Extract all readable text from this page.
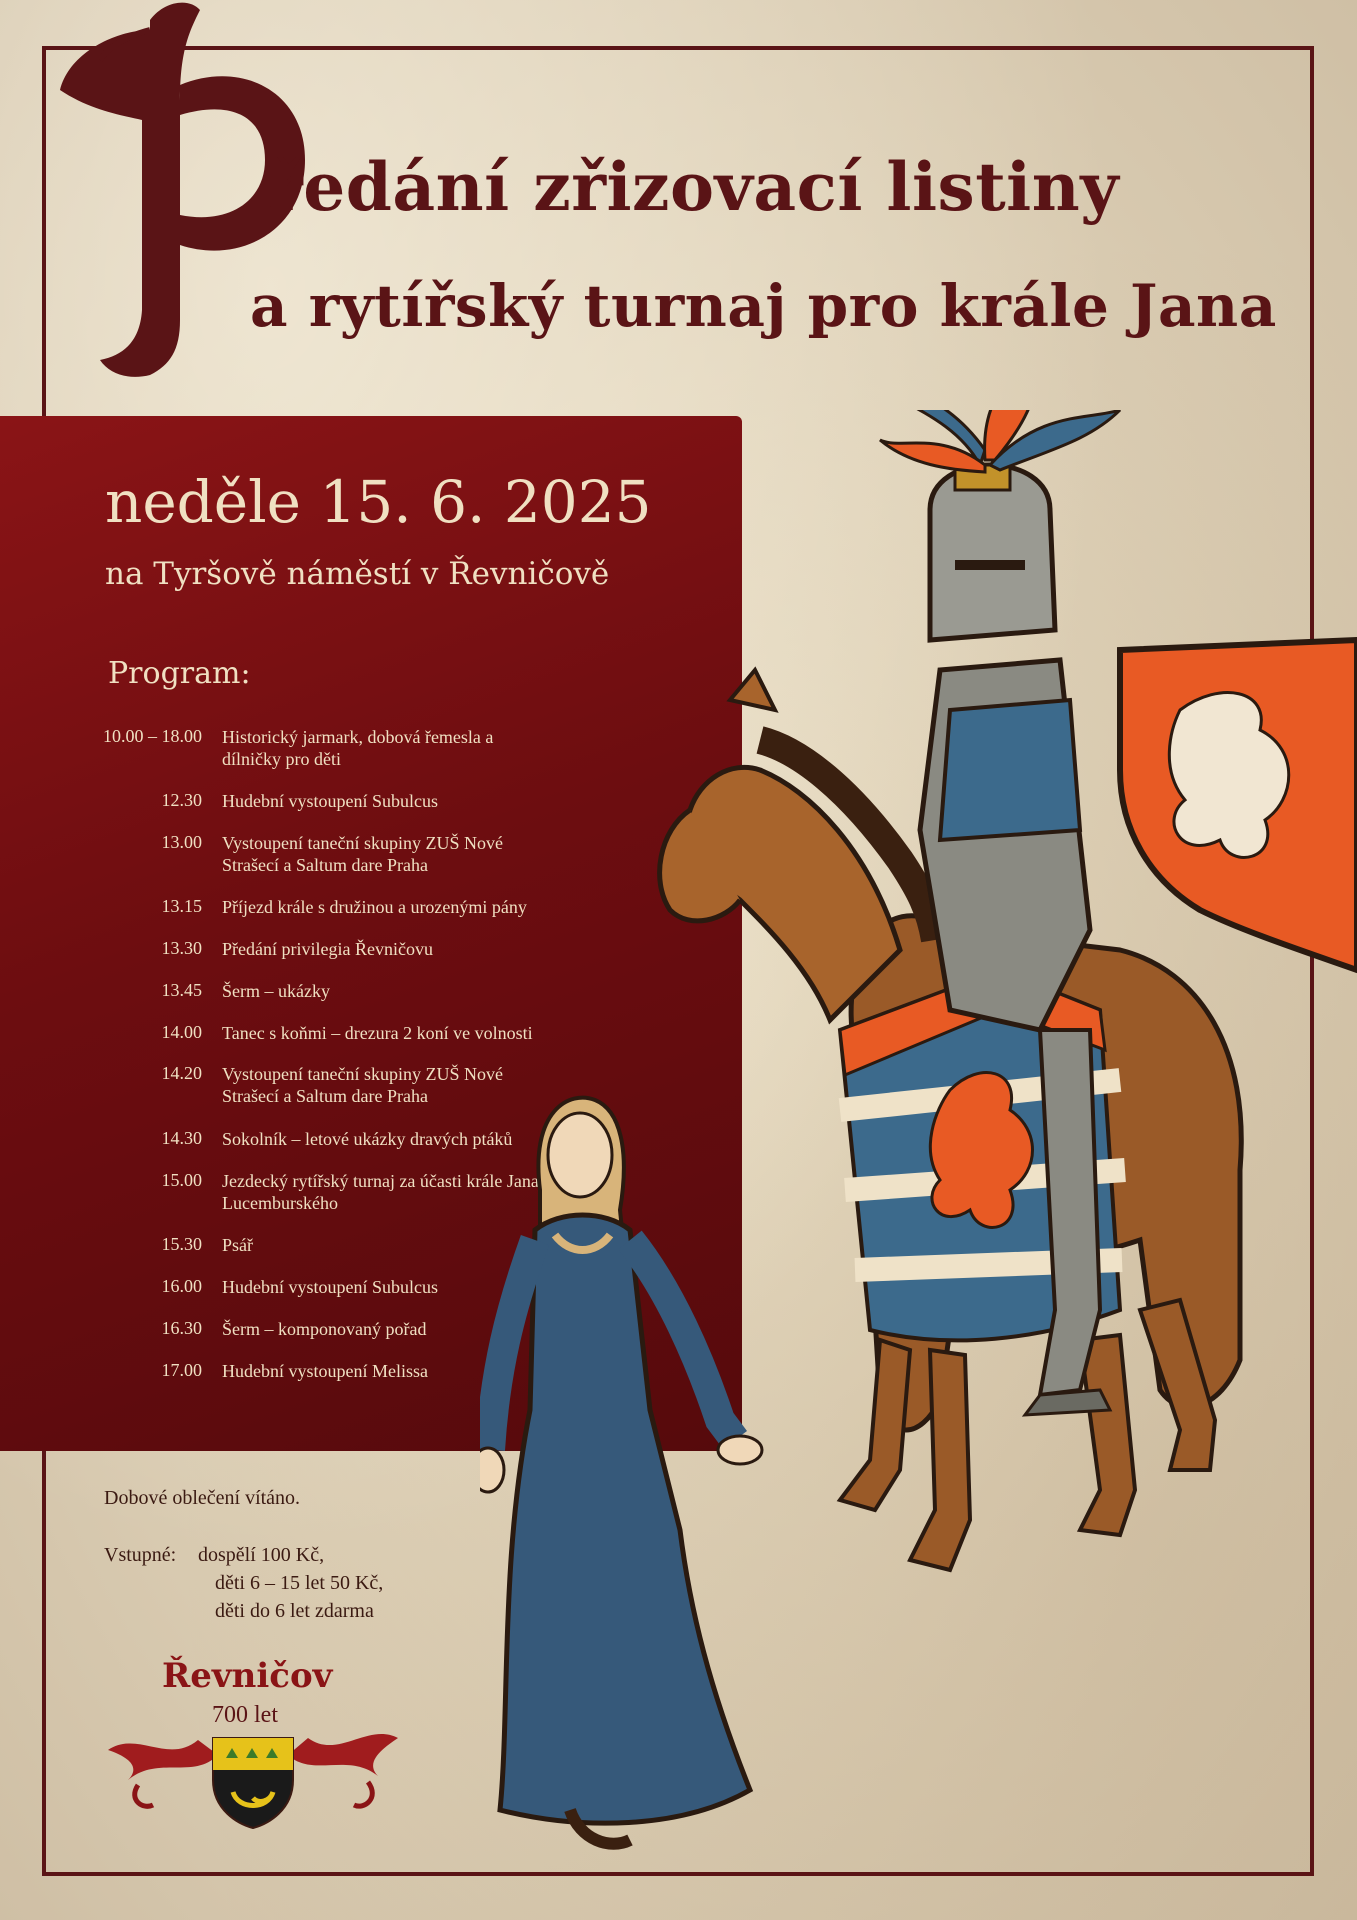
ředání zřizovací listiny
a rytířský turnaj pro krále Jana
neděle 15. 6. 2025
na Tyršově náměstí v Řevničově
Program:
10.00 – 18.00 Historický jarmark, dobová řemesla a dílničky pro děti
12.30 Hudební vystoupení Subulcus
13.00 Vystoupení taneční skupiny ZUŠ Nové Strašecí a Saltum dare Praha
13.15 Příjezd krále s družinou a urozenými pány
13.30 Předání privilegia Řevničovu
13.45 Šerm – ukázky
14.00 Tanec s koňmi – drezura 2 koní ve volnosti
14.20 Vystoupení taneční skupiny ZUŠ Nové Strašecí a Saltum dare Praha
14.30 Sokolník – letové ukázky dravých ptáků
15.00 Jezdecký rytířský turnaj za účasti krále Jana Lucemburského
15.30 Psář
16.00 Hudební vystoupení Subulcus
16.30 Šerm – komponovaný pořad
17.00 Hudební vystoupení Melissa
Dobové oblečení vítáno.
Vstupné: dospělí 100 Kč,
děti 6 – 15 let 50 Kč,
děti do 6 let zdarma
Řevničov
700 let
